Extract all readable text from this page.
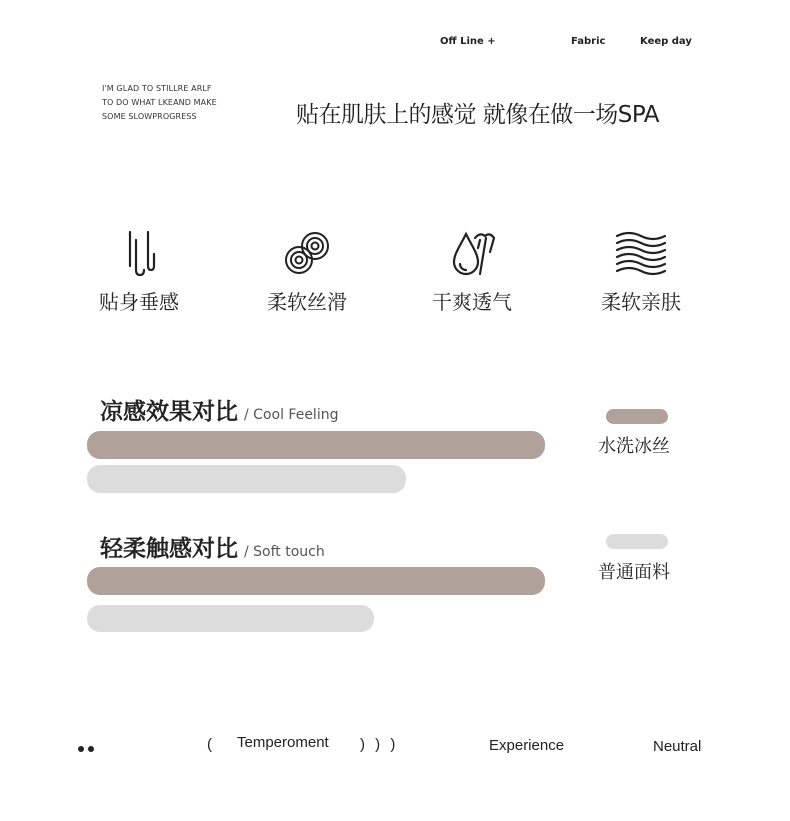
Off Line +	Fabric	Keep day
I'M GLAD TO STILLRE ARLF
TO DO WHAT LKEAND MAKE
SOME SLOWPROGRESS	贴在肌肤上的感觉 就像在做一场SPA
贴身垂感	柔软丝滑	干爽透气	柔软亲肤
凉感效果对比 / Cool Feeling
轻柔触感对比 / Soft touch
水洗冰丝
普通面料
( Temperoment ) ) )	Experience	Neutral
